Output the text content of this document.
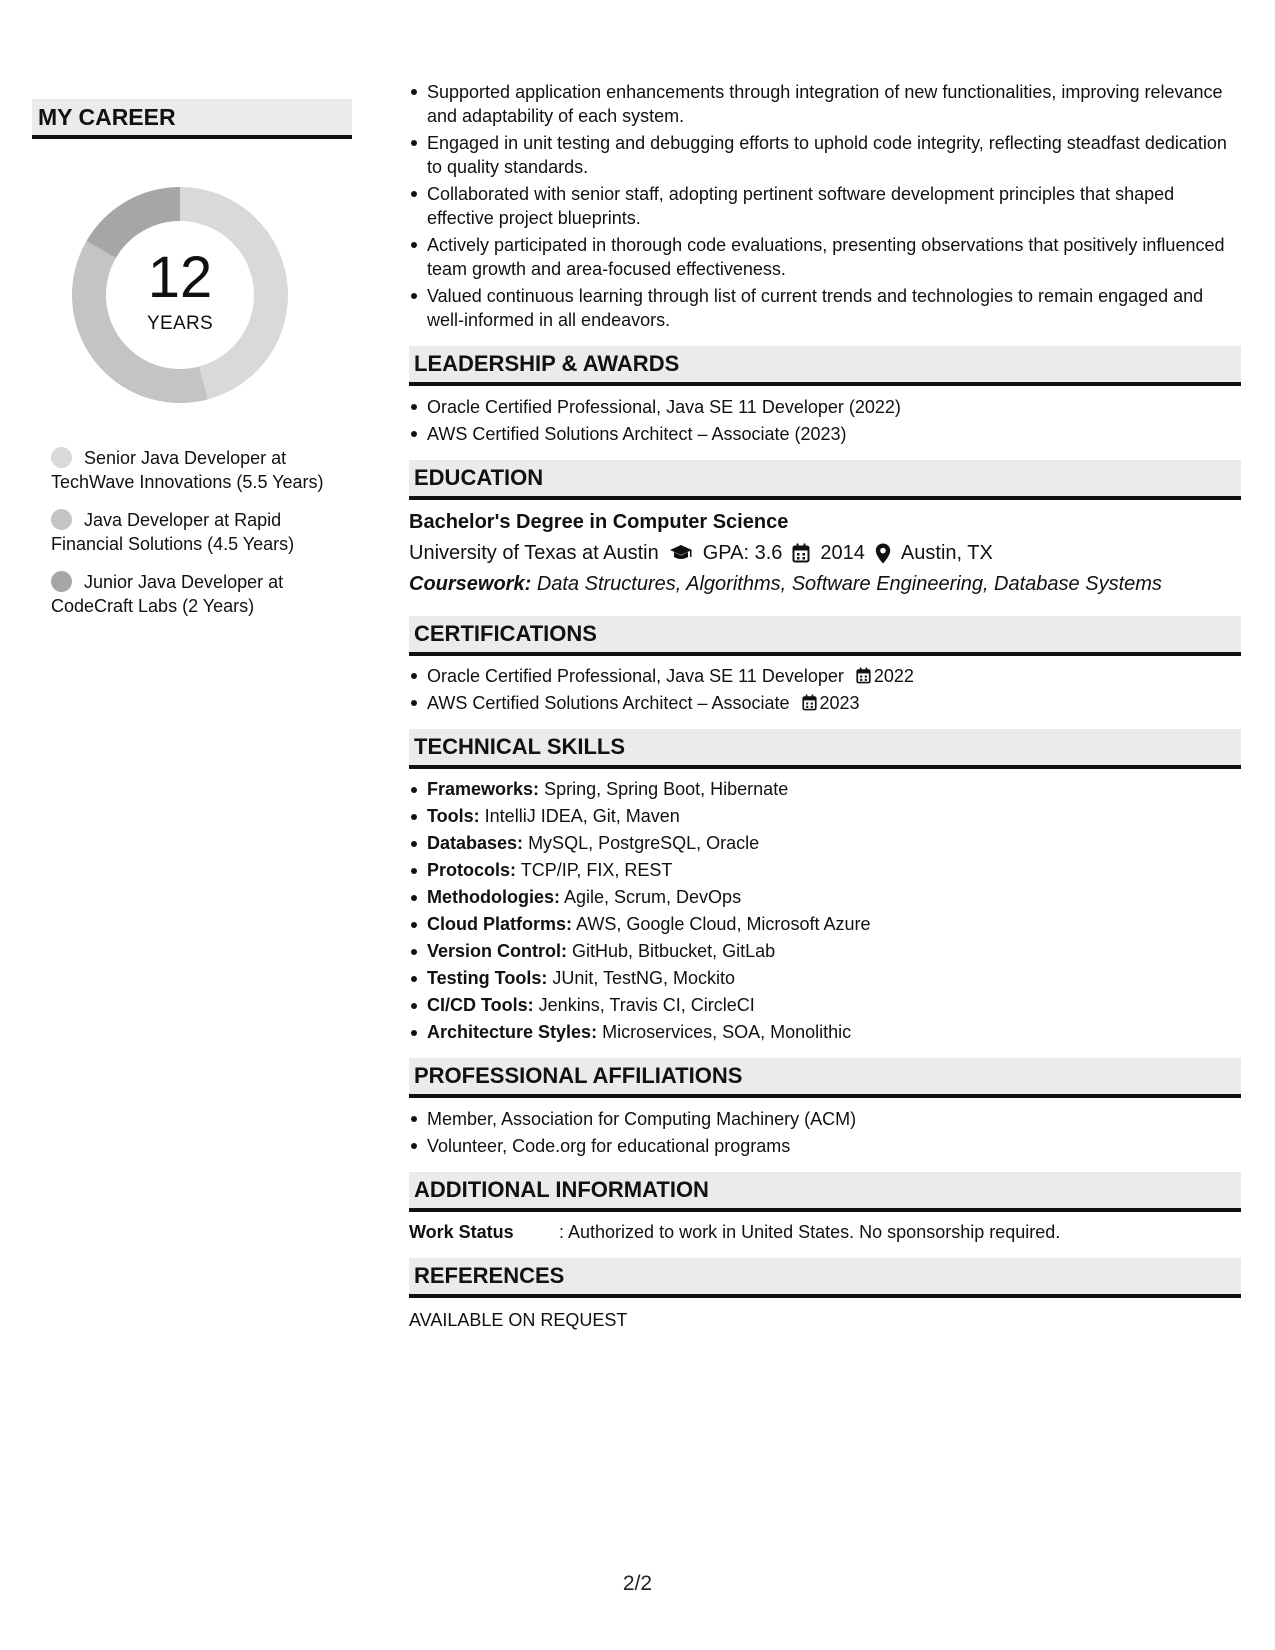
MY CAREER
12
YEARS
Senior Java Developer at TechWave Innovations (5.5 Years)
Java Developer at Rapid Financial Solutions (4.5 Years)
Junior Java Developer at CodeCraft Labs (2 Years)
Supported application enhancements through integration of new functionalities, improving relevance and adaptability of each system.
Engaged in unit testing and debugging efforts to uphold code integrity, reflecting steadfast dedication to quality standards.
Collaborated with senior staff, adopting pertinent software development principles that shaped effective project blueprints.
Actively participated in thorough code evaluations, presenting observations that positively influenced team growth and area-focused effectiveness.
Valued continuous learning through list of current trends and technologies to remain engaged and well-informed in all endeavors.
LEADERSHIP & AWARDS
Oracle Certified Professional, Java SE 11 Developer (2022)
AWS Certified Solutions Architect – Associate (2023)
EDUCATION
Bachelor's Degree in Computer Science
University of Texas at Austin GPA: 3.6 2014 Austin, TX
Coursework: Data Structures, Algorithms, Software Engineering, Database Systems
CERTIFICATIONS
Oracle Certified Professional, Java SE 11 Developer 2022
AWS Certified Solutions Architect – Associate 2023
TECHNICAL SKILLS
Frameworks: Spring, Spring Boot, Hibernate
Tools: IntelliJ IDEA, Git, Maven
Databases: MySQL, PostgreSQL, Oracle
Protocols: TCP/IP, FIX, REST
Methodologies: Agile, Scrum, DevOps
Cloud Platforms: AWS, Google Cloud, Microsoft Azure
Version Control: GitHub, Bitbucket, GitLab
Testing Tools: JUnit, TestNG, Mockito
CI/CD Tools: Jenkins, Travis CI, CircleCI
Architecture Styles: Microservices, SOA, Monolithic
PROFESSIONAL AFFILIATIONS
Member, Association for Computing Machinery (ACM)
Volunteer, Code.org for educational programs
ADDITIONAL INFORMATION
Work Status	: Authorized to work in United States. No sponsorship required.
REFERENCES
AVAILABLE ON REQUEST
2/2
